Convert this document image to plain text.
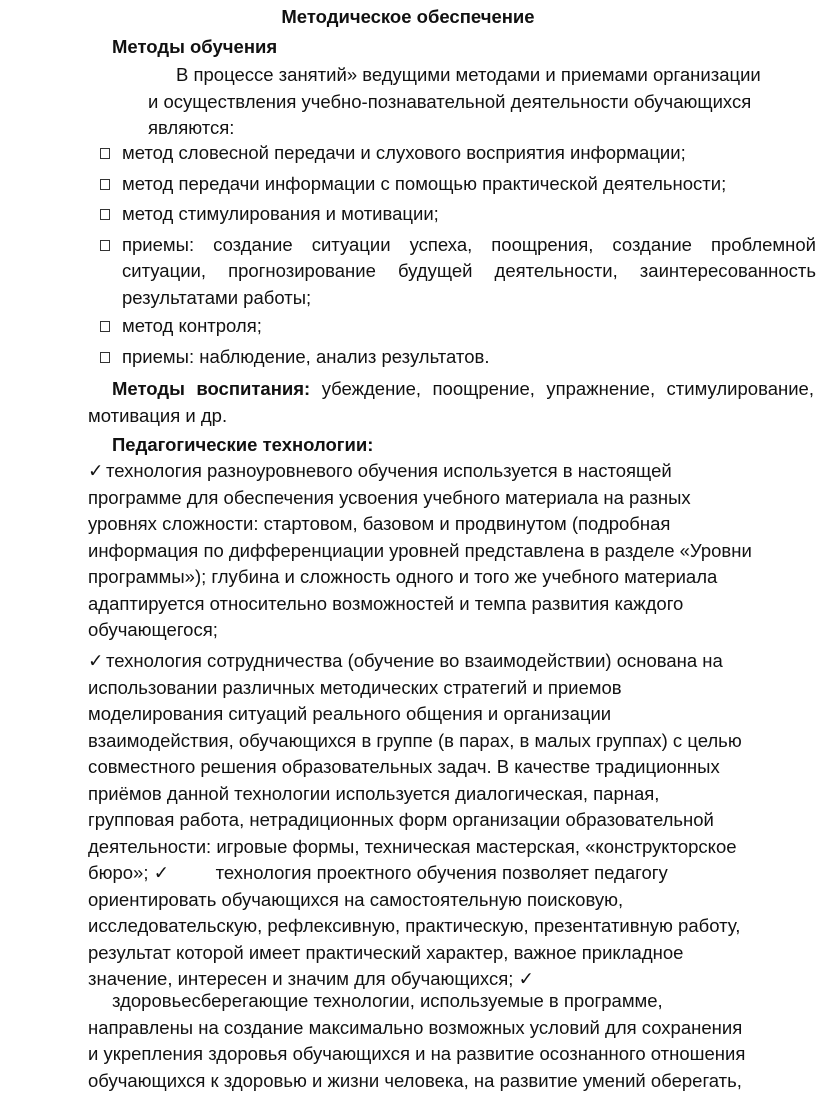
Методическое обеспечение
Методы обучения

В процессе занятий» ведущими методами и приемами организации

и осуществления учебно-познавательной деятельности обучающихся

являются:

метод словесной передачи и слухового восприятия информации;
метод передачи информации с помощью практической деятельности;
метод стимулирования и мотивации;
приемы: создание ситуации успеха, поощрения, создание проблемной ситуации, прогнозирование будущей деятельности, заинтересованность результатами работы;
метод контроля;
приемы: наблюдение, анализ результатов.
Методы воспитания: убеждение, поощрение, упражнение, стимулирование, мотивация и др.
Педагогические технологии:

✓ технология разноуровневого обучения используется в настоящей

программе для обеспечения усвоения учебного материала на разных

уровнях сложности: стартовом, базовом и продвинутом (подробная

информация по дифференциации уровней представлена в разделе «Уровни

программы»); глубина и сложность одного и того же учебного материала

адаптируется относительно возможностей и темпа развития каждого

обучающегося;

✓ технология сотрудничества (обучение во взаимодействии) основана на

использовании различных методических стратегий и приемов

моделирования ситуаций реального общения и организации

взаимодействия, обучающихся в группе (в парах, в малых группах) с целью

совместного решения образовательных задач. В качестве традиционных

приёмов данной технологии используется диалогическая, парная,

групповая работа, нетрадиционных форм организации образовательной

деятельности: игровые формы, техническая мастерская, «конструкторское

бюро»; ✓	технология проектного обучения позволяет педагогу

ориентировать обучающихся на самостоятельную поисковую,

исследовательскую, рефлексивную, практическую, презентативную работу,

результат которой имеет практический характер, важное прикладное

значение, интересен и значим для обучающихся; ✓

здоровьесберегающие технологии, используемые в программе,

направлены на создание максимально возможных условий для сохранения

и укрепления здоровья обучающихся и на развитие осознанного отношения

обучающихся к здоровью и жизни человека, на развитие умений оберегать,
